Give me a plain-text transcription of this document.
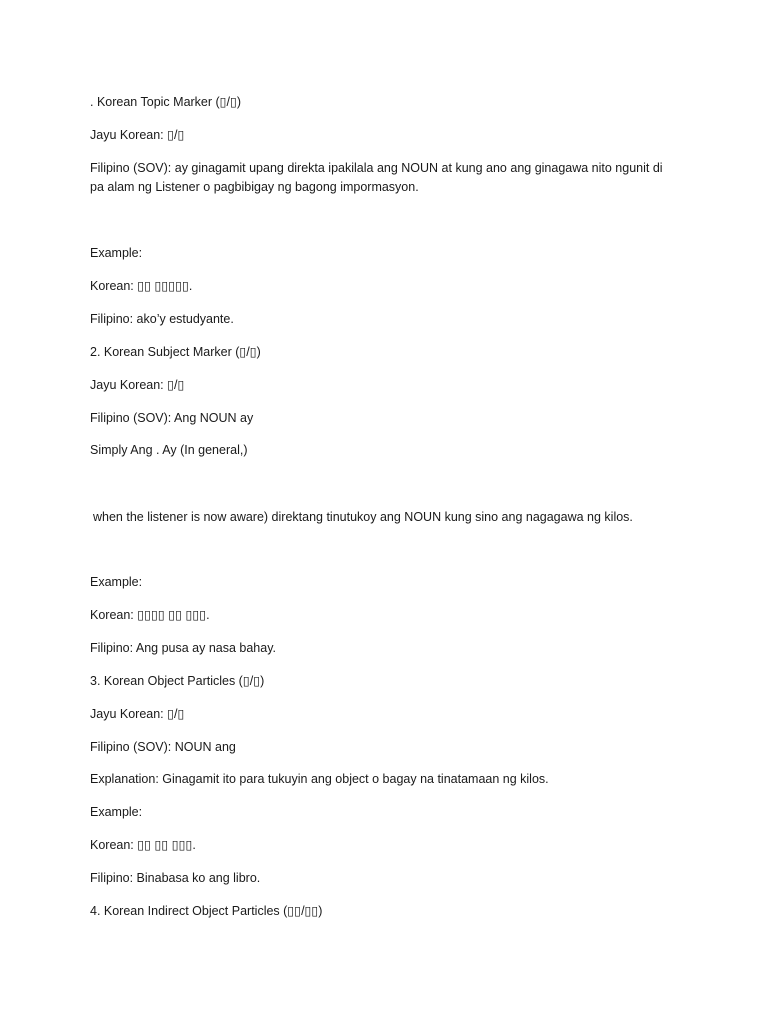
. Korean Topic Marker (▯/▯)
Jayu Korean: ▯/▯
Filipino (SOV): ay ginagamit upang direkta ipakilala ang NOUN at kung ano ang ginagawa nito ngunit di pa alam ng Listener o pagbibigay ng bagong impormasyon.
Example:
Korean: ▯▯ ▯▯▯▯▯.
Filipino: ako’y estudyante.
2. Korean Subject Marker (▯/▯)
Jayu Korean: ▯/▯
Filipino (SOV): Ang NOUN ay
Simply Ang . Ay (In general,)
when the listener is now aware) direktang tinutukoy ang NOUN kung sino ang nagagawa ng kilos.
Example:
Korean: ▯▯▯▯ ▯▯ ▯▯▯.
Filipino: Ang pusa ay nasa bahay.
3. Korean Object Particles (▯/▯)
Jayu Korean: ▯/▯
Filipino (SOV): NOUN ang
Explanation: Ginagamit ito para tukuyin ang object o bagay na tinatamaan ng kilos.
Example:
Korean: ▯▯ ▯▯ ▯▯▯.
Filipino: Binabasa ko ang libro.
4. Korean Indirect Object Particles (▯▯/▯▯)
